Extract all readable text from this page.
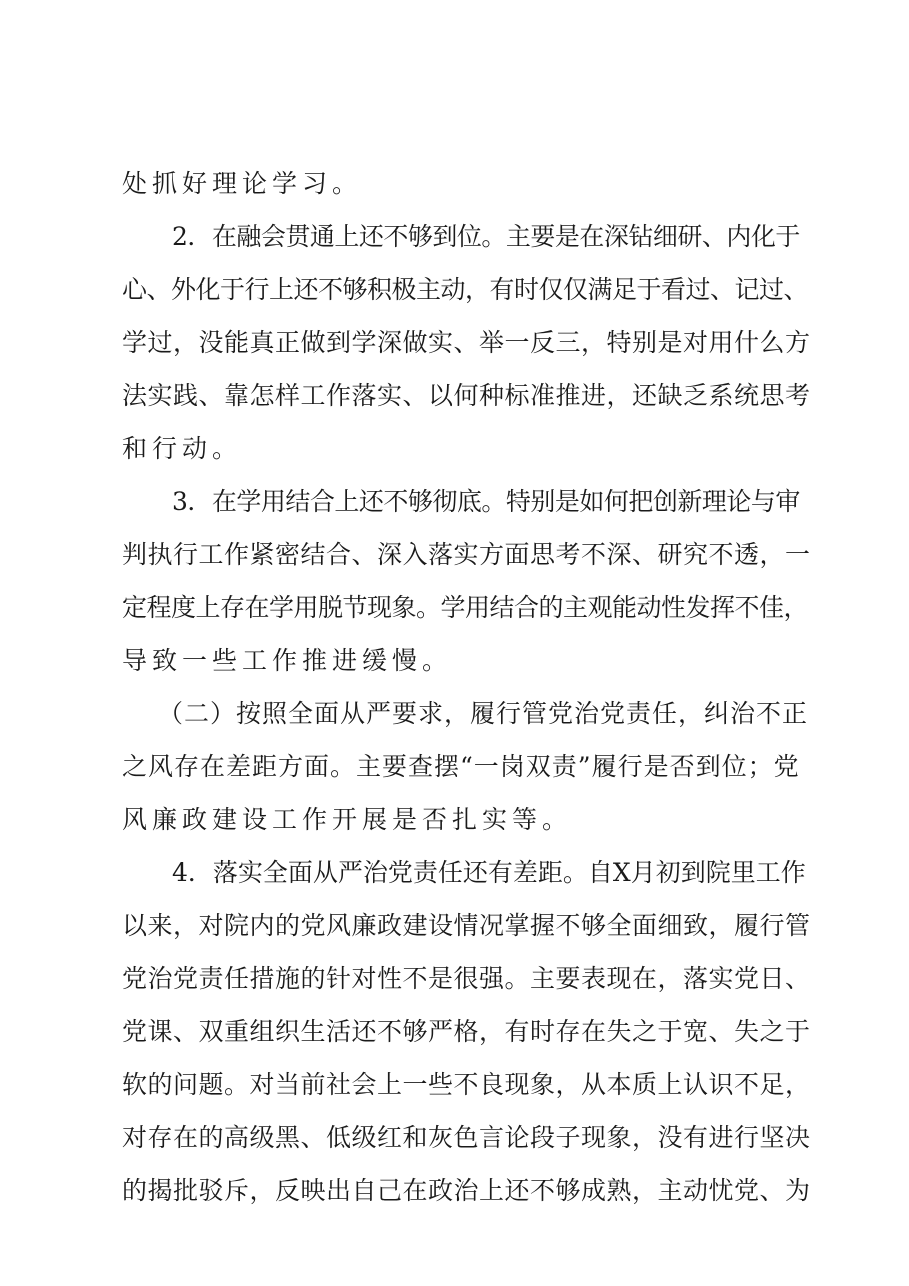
处抓好理论学习。
2．在融会贯通上还不够到位。主要是在深钻细研、内化于
心、外化于行上还不够积极主动，有时仅仅满足于看过、记过、
学过，没能真正做到学深做实、举一反三，特别是对用什么方
法实践、靠怎样工作落实、以何种标准推进，还缺乏系统思考
和行动。
3．在学用结合上还不够彻底。特别是如何把创新理论与审
判执行工作紧密结合、深入落实方面思考不深、研究不透，一
定程度上存在学用脱节现象。学用结合的主观能动性发挥不佳，
导致一些工作推进缓慢。
（二）按照全面从严要求，履行管党治党责任，纠治不正
之风存在差距方面。主要查摆“一岗双责”履行是否到位；党
风廉政建设工作开展是否扎实等。
4．落实全面从严治党责任还有差距。自X月初到院里工作
以来，对院内的党风廉政建设情况掌握不够全面细致，履行管
党治党责任措施的针对性不是很强。主要表现在，落实党日、
党课、双重组织生活还不够严格，有时存在失之于宽、失之于
软的问题。对当前社会上一些不良现象，从本质上认识不足，
对存在的高级黑、低级红和灰色言论段子现象，没有进行坚决
的揭批驳斥，反映出自己在政治上还不够成熟，主动忧党、为
